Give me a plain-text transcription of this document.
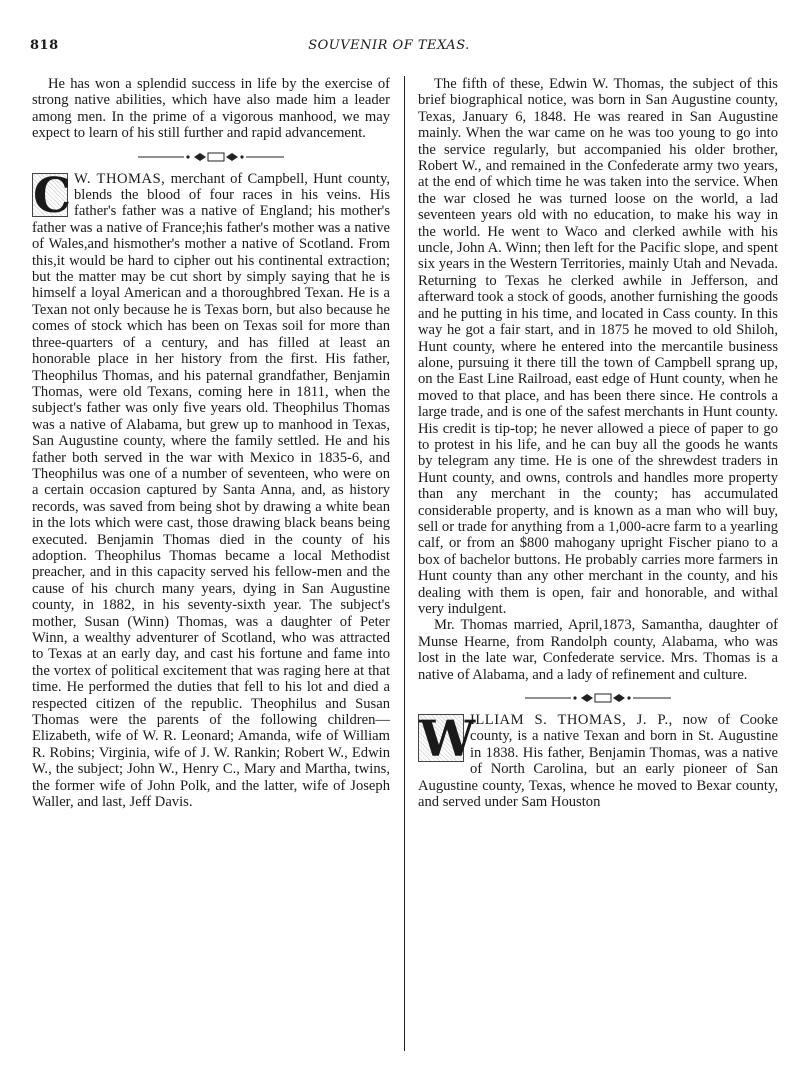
818	SOUVENIR OF TEXAS.

He has won a splendid success in life by the exercise of strong native abilities, which have also made him a leader among men. In the prime of a vigorous manhood, we may expect to learn of his still further and rapid advancement.

C W. THOMAS, merchant of Campbell, Hunt county, blends the blood of four races in his veins. His father's father was a native of England; his mother's father was a native of France;his father's mother was a native of Wales,and hismother's mother a native of Scotland. From this,it would be hard to cipher out his continental extraction; but the matter may be cut short by simply saying that he is himself a loyal American and a thoroughbred Texan. He is a Texan not only because he is Texas born, but also because he comes of stock which has been on Texas soil for more than three-quarters of a century, and has filled at least an honorable place in her history from the first. His father, Theophilus Thomas, and his paternal grandfather, Benjamin Thomas, were old Texans, coming here in 1811, when the subject's father was only five years old. Theophilus Thomas was a native of Alabama, but grew up to manhood in Texas, San Augustine county, where the family settled. He and his father both served in the war with Mexico in 1835-6, and Theophilus was one of a number of seventeen, who were on a certain occasion captured by Santa Anna, and, as history records, was saved from being shot by drawing a white bean in the lots which were cast, those drawing black beans being executed. Benjamin Thomas died in the county of his adoption. Theophilus Thomas became a local Methodist preacher, and in this capacity served his fellow-men and the cause of his church many years, dying in San Augustine county, in 1882, in his seventy-sixth year. The subject's mother, Susan (Winn) Thomas, was a daughter of Peter Winn, a wealthy adventurer of Scotland, who was attracted to Texas at an early day, and cast his fortune and fame into the vortex of political excitement that was raging here at that time. He performed the duties that fell to his lot and died a respected citizen of the republic. Theophilus and Susan Thomas were the parents of the following children—Elizabeth, wife of W. R. Leonard; Amanda, wife of William R. Robins; Virginia, wife of J. W. Rankin; Robert W., Edwin W., the subject; John W., Henry C., Mary and Martha, twins, the former wife of John Polk, and the latter, wife of Joseph Waller, and last, Jeff Davis.

The fifth of these, Edwin W. Thomas, the subject of this brief biographical notice, was born in San Augustine county, Texas, January 6, 1848. He was reared in San Augustine mainly. When the war came on he was too young to go into the service regularly, but accompanied his older brother, Robert W., and remained in the Confederate army two years, at the end of which time he was taken into the service. When the war closed he was turned loose on the world, a lad seventeen years old with no education, to make his way in the world. He went to Waco and clerked awhile with his uncle, John A. Winn; then left for the Pacific slope, and spent six years in the Western Territories, mainly Utah and Nevada. Returning to Texas he clerked awhile in Jefferson, and afterward took a stock of goods, another furnishing the goods and he putting in his time, and located in Cass county. In this way he got a fair start, and in 1875 he moved to old Shiloh, Hunt county, where he entered into the mercantile business alone, pursuing it there till the town of Campbell sprang up, on the East Line Railroad, east edge of Hunt county, when he moved to that place, and has been there since. He controls a large trade, and is one of the safest merchants in Hunt county. His credit is tip-top; he never allowed a piece of paper to go to protest in his life, and he can buy all the goods he wants by telegram any time. He is one of the shrewdest traders in Hunt county, and owns, controls and handles more property than any merchant in the county; has accumulated considerable property, and is known as a man who will buy, sell or trade for anything from a 1,000-acre farm to a yearling calf, or from an $800 mahogany upright Fischer piano to a box of bachelor buttons. He probably carries more farmers in Hunt county than any other merchant in the county, and his dealing with them is open, fair and honorable, and withal very indulgent.

Mr. Thomas married, April,1873, Samantha, daughter of Munse Hearne, from Randolph county, Alabama, who was lost in the late war, Confederate service. Mrs. Thomas is a native of Alabama, and a lady of refinement and culture.

W
ILLIAM S. THOMAS, J. P., now of Cooke county, is a native Texan and born in St. Augustine in 1838. His father, Benjamin Thomas, was a native of North Carolina, but an early pioneer of San Augustine county, Texas, whence he moved to Bexar county, and served under Sam Houston
